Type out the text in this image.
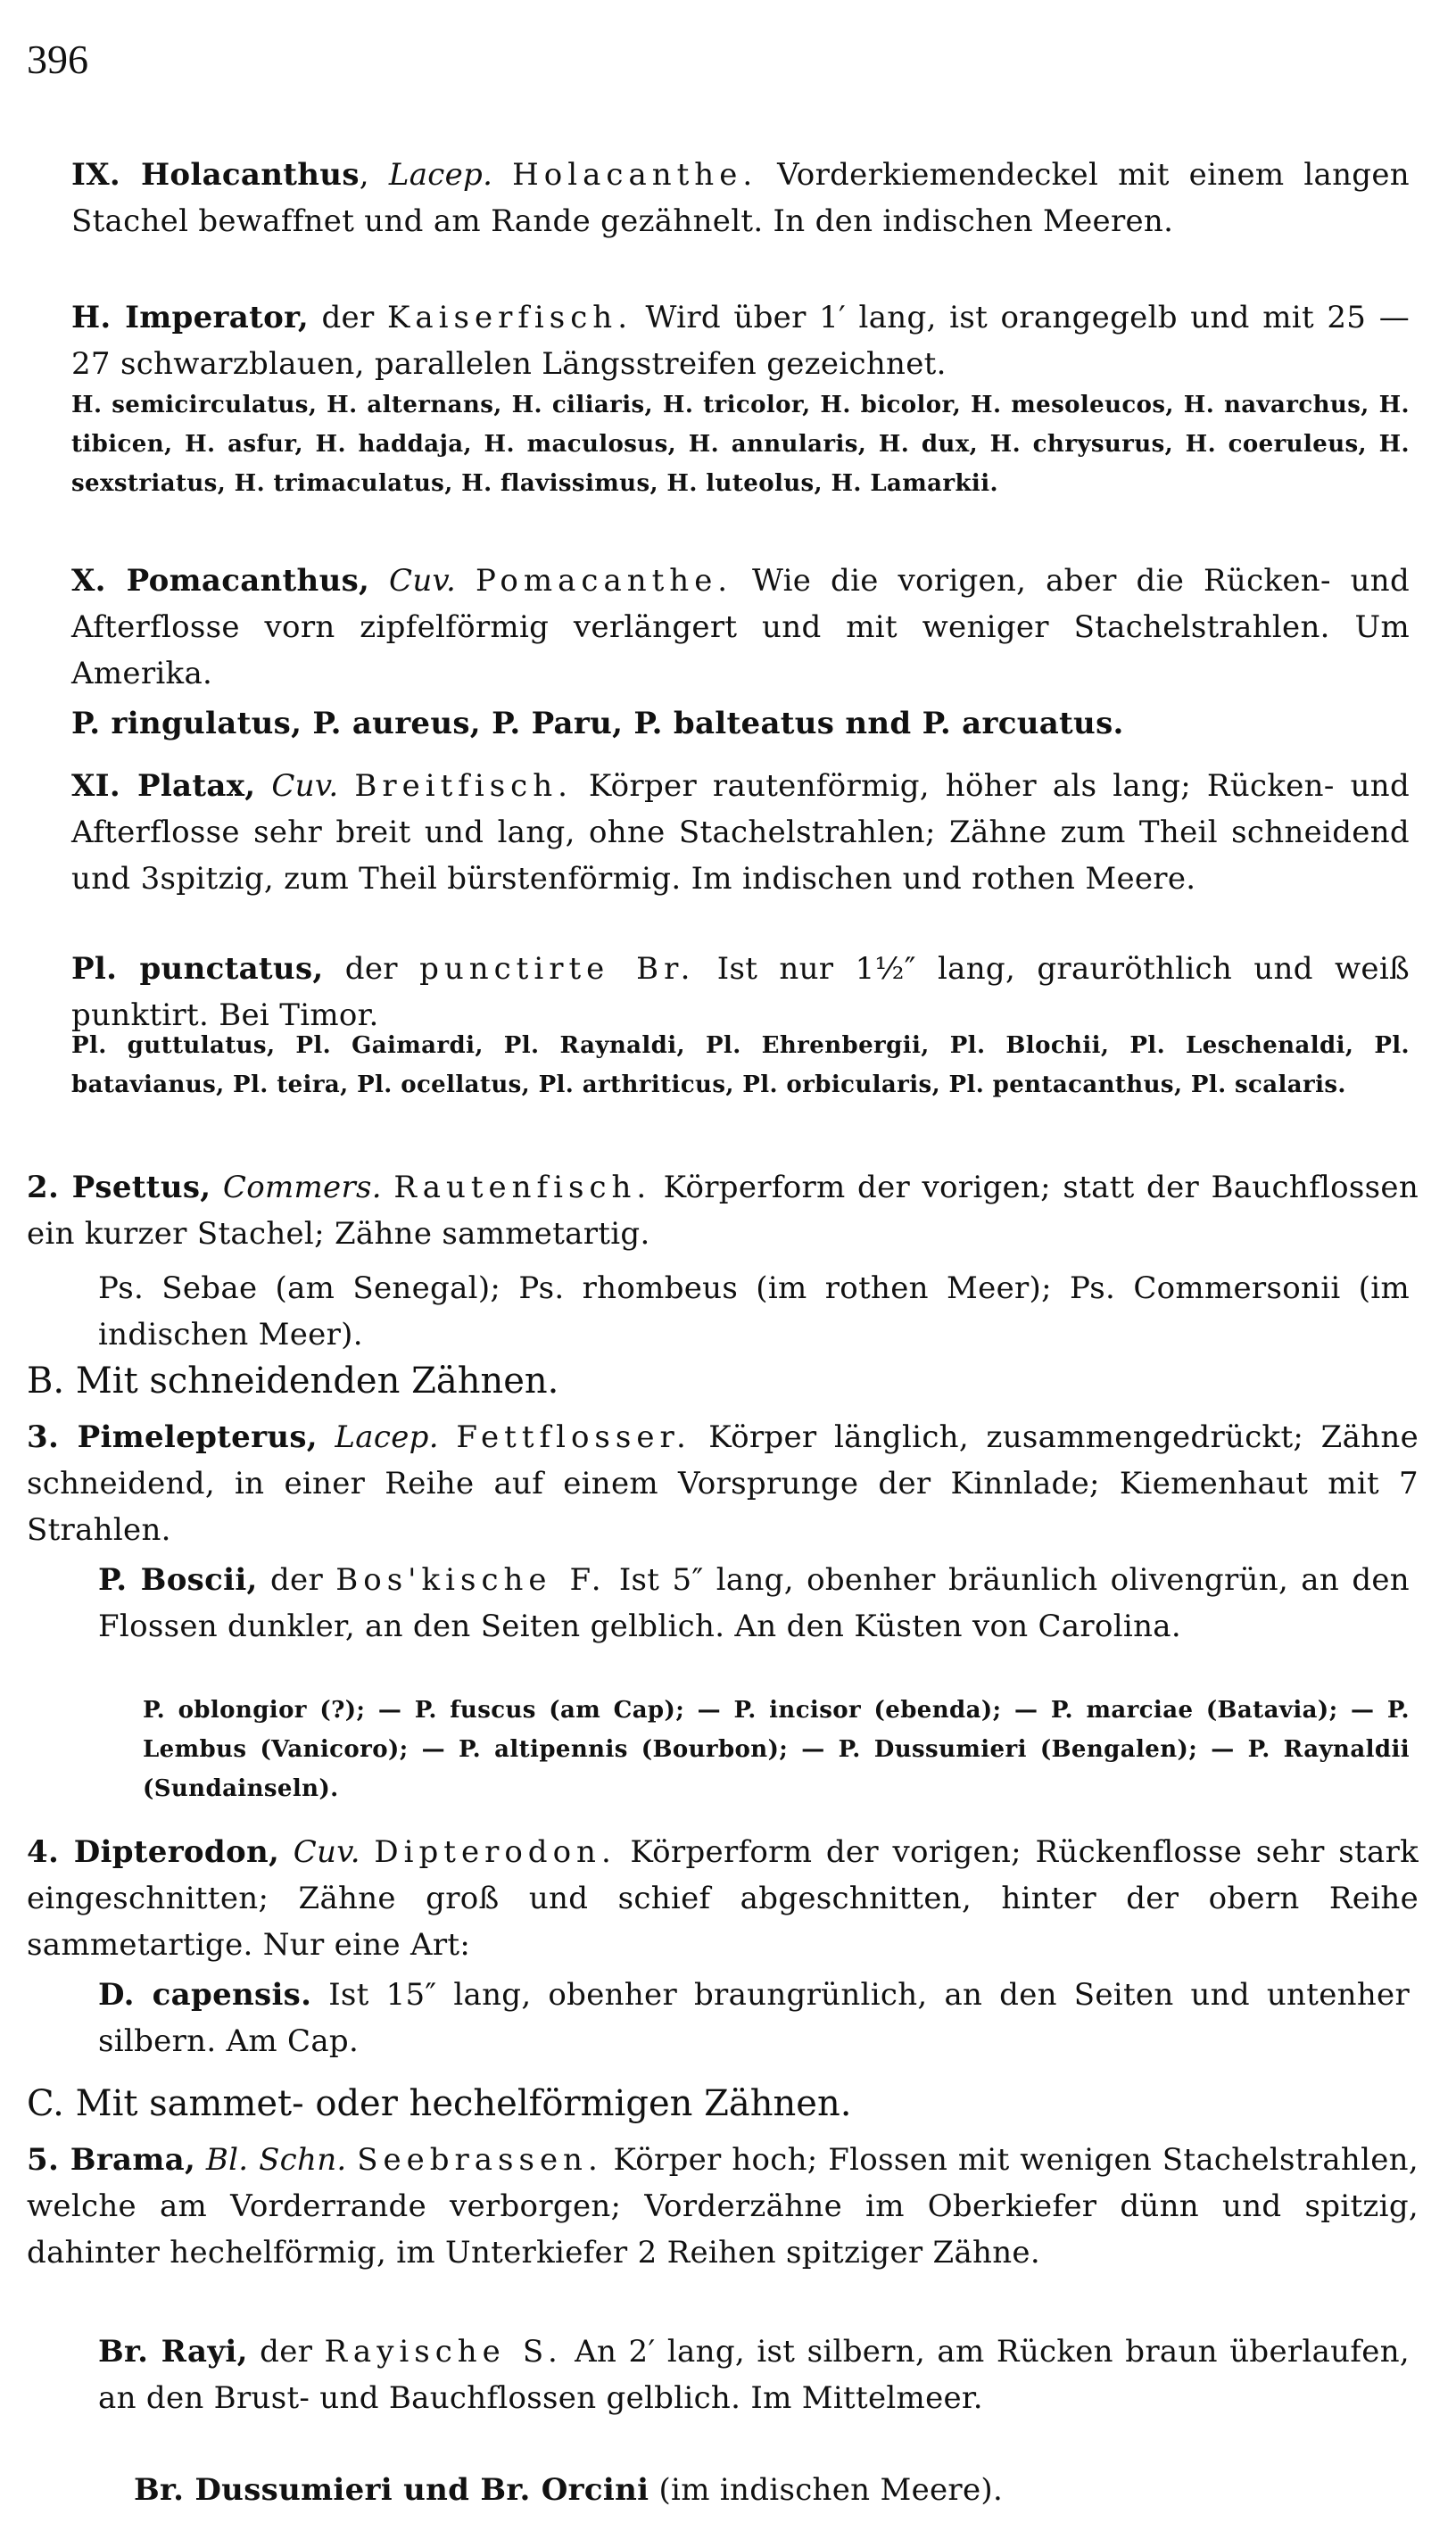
396

IX. Holacanthus, Lacep. Holacanthe. Vorderkiemendeckel mit einem langen Stachel bewaffnet und am Rande gezähnelt. In den indischen Meeren.

H. Imperator, der Kaiserfisch. Wird über 1′ lang, ist orangegelb und mit 25 — 27 schwarzblauen, parallelen Längsstreifen gezeichnet.

H. semicirculatus, H. alternans, H. ciliaris, H. tricolor, H. bicolor, H. mesoleucos, H. navarchus, H. tibicen, H. asfur, H. haddaja, H. maculosus, H. annularis, H. dux, H. chrysurus, H. coeruleus, H. sexstriatus, H. trimaculatus, H. flavissimus, H. luteolus, H. Lamarkii.

X. Pomacanthus, Cuv. Pomacanthe. Wie die vorigen, aber die Rücken- und Afterflosse vorn zipfelförmig verlängert und mit weniger Stachelstrahlen. Um Amerika.

P. ringulatus, P. aureus, P. Paru, P. balteatus nnd P. arcuatus.

XI. Platax, Cuv. Breitfisch. Körper rautenförmig, höher als lang; Rücken- und Afterflosse sehr breit und lang, ohne Stachelstrahlen; Zähne zum Theil schneidend und 3spitzig, zum Theil bürstenförmig. Im indischen und rothen Meere.

Pl. punctatus, der punctirte Br. Ist nur 1½″ lang, grauröthlich und weiß punktirt. Bei Timor.

Pl. guttulatus, Pl. Gaimardi, Pl. Raynaldi, Pl. Ehrenbergii, Pl. Blochii, Pl. Leschenaldi, Pl. batavianus, Pl. teira, Pl. ocellatus, Pl. arthriticus, Pl. orbicularis, Pl. pentacanthus, Pl. scalaris.

2. Psettus, Commers. Rautenfisch. Körperform der vorigen; statt der Bauchflossen ein kurzer Stachel; Zähne sammetartig.

Ps. Sebae (am Senegal); Ps. rhombeus (im rothen Meer); Ps. Commersonii (im indischen Meer).

B. Mit schneidenden Zähnen.

3. Pimelepterus, Lacep. Fettflosser. Körper länglich, zusammengedrückt; Zähne schneidend, in einer Reihe auf einem Vorsprunge der Kinnlade; Kiemenhaut mit 7 Strahlen.

P. Boscii, der Bos'kische F. Ist 5″ lang, obenher bräunlich olivengrün, an den Flossen dunkler, an den Seiten gelblich. An den Küsten von Carolina.

P. oblongior (?); — P. fuscus (am Cap); — P. incisor (ebenda); — P. marciae (Batavia); — P. Lembus (Vanicoro); — P. altipennis (Bourbon); — P. Dussumieri (Bengalen); — P. Raynaldii (Sundainseln).

4. Dipterodon, Cuv. Dipterodon. Körperform der vorigen; Rückenflosse sehr stark eingeschnitten; Zähne groß und schief abgeschnitten, hinter der obern Reihe sammetartige. Nur eine Art:

D. capensis. Ist 15″ lang, obenher braungrünlich, an den Seiten und untenher silbern. Am Cap.

C. Mit sammet- oder hechelförmigen Zähnen.

5. Brama, Bl. Schn. Seebrassen. Körper hoch; Flossen mit wenigen Stachelstrahlen, welche am Vorderrande verborgen; Vorderzähne im Oberkiefer dünn und spitzig, dahinter hechelförmig, im Unterkiefer 2 Reihen spitziger Zähne.

Br. Rayi, der Rayische S. An 2′ lang, ist silbern, am Rücken braun überlaufen, an den Brust- und Bauchflossen gelblich. Im Mittelmeer.

Br. Dussumieri und Br. Orcini (im indischen Meere).
